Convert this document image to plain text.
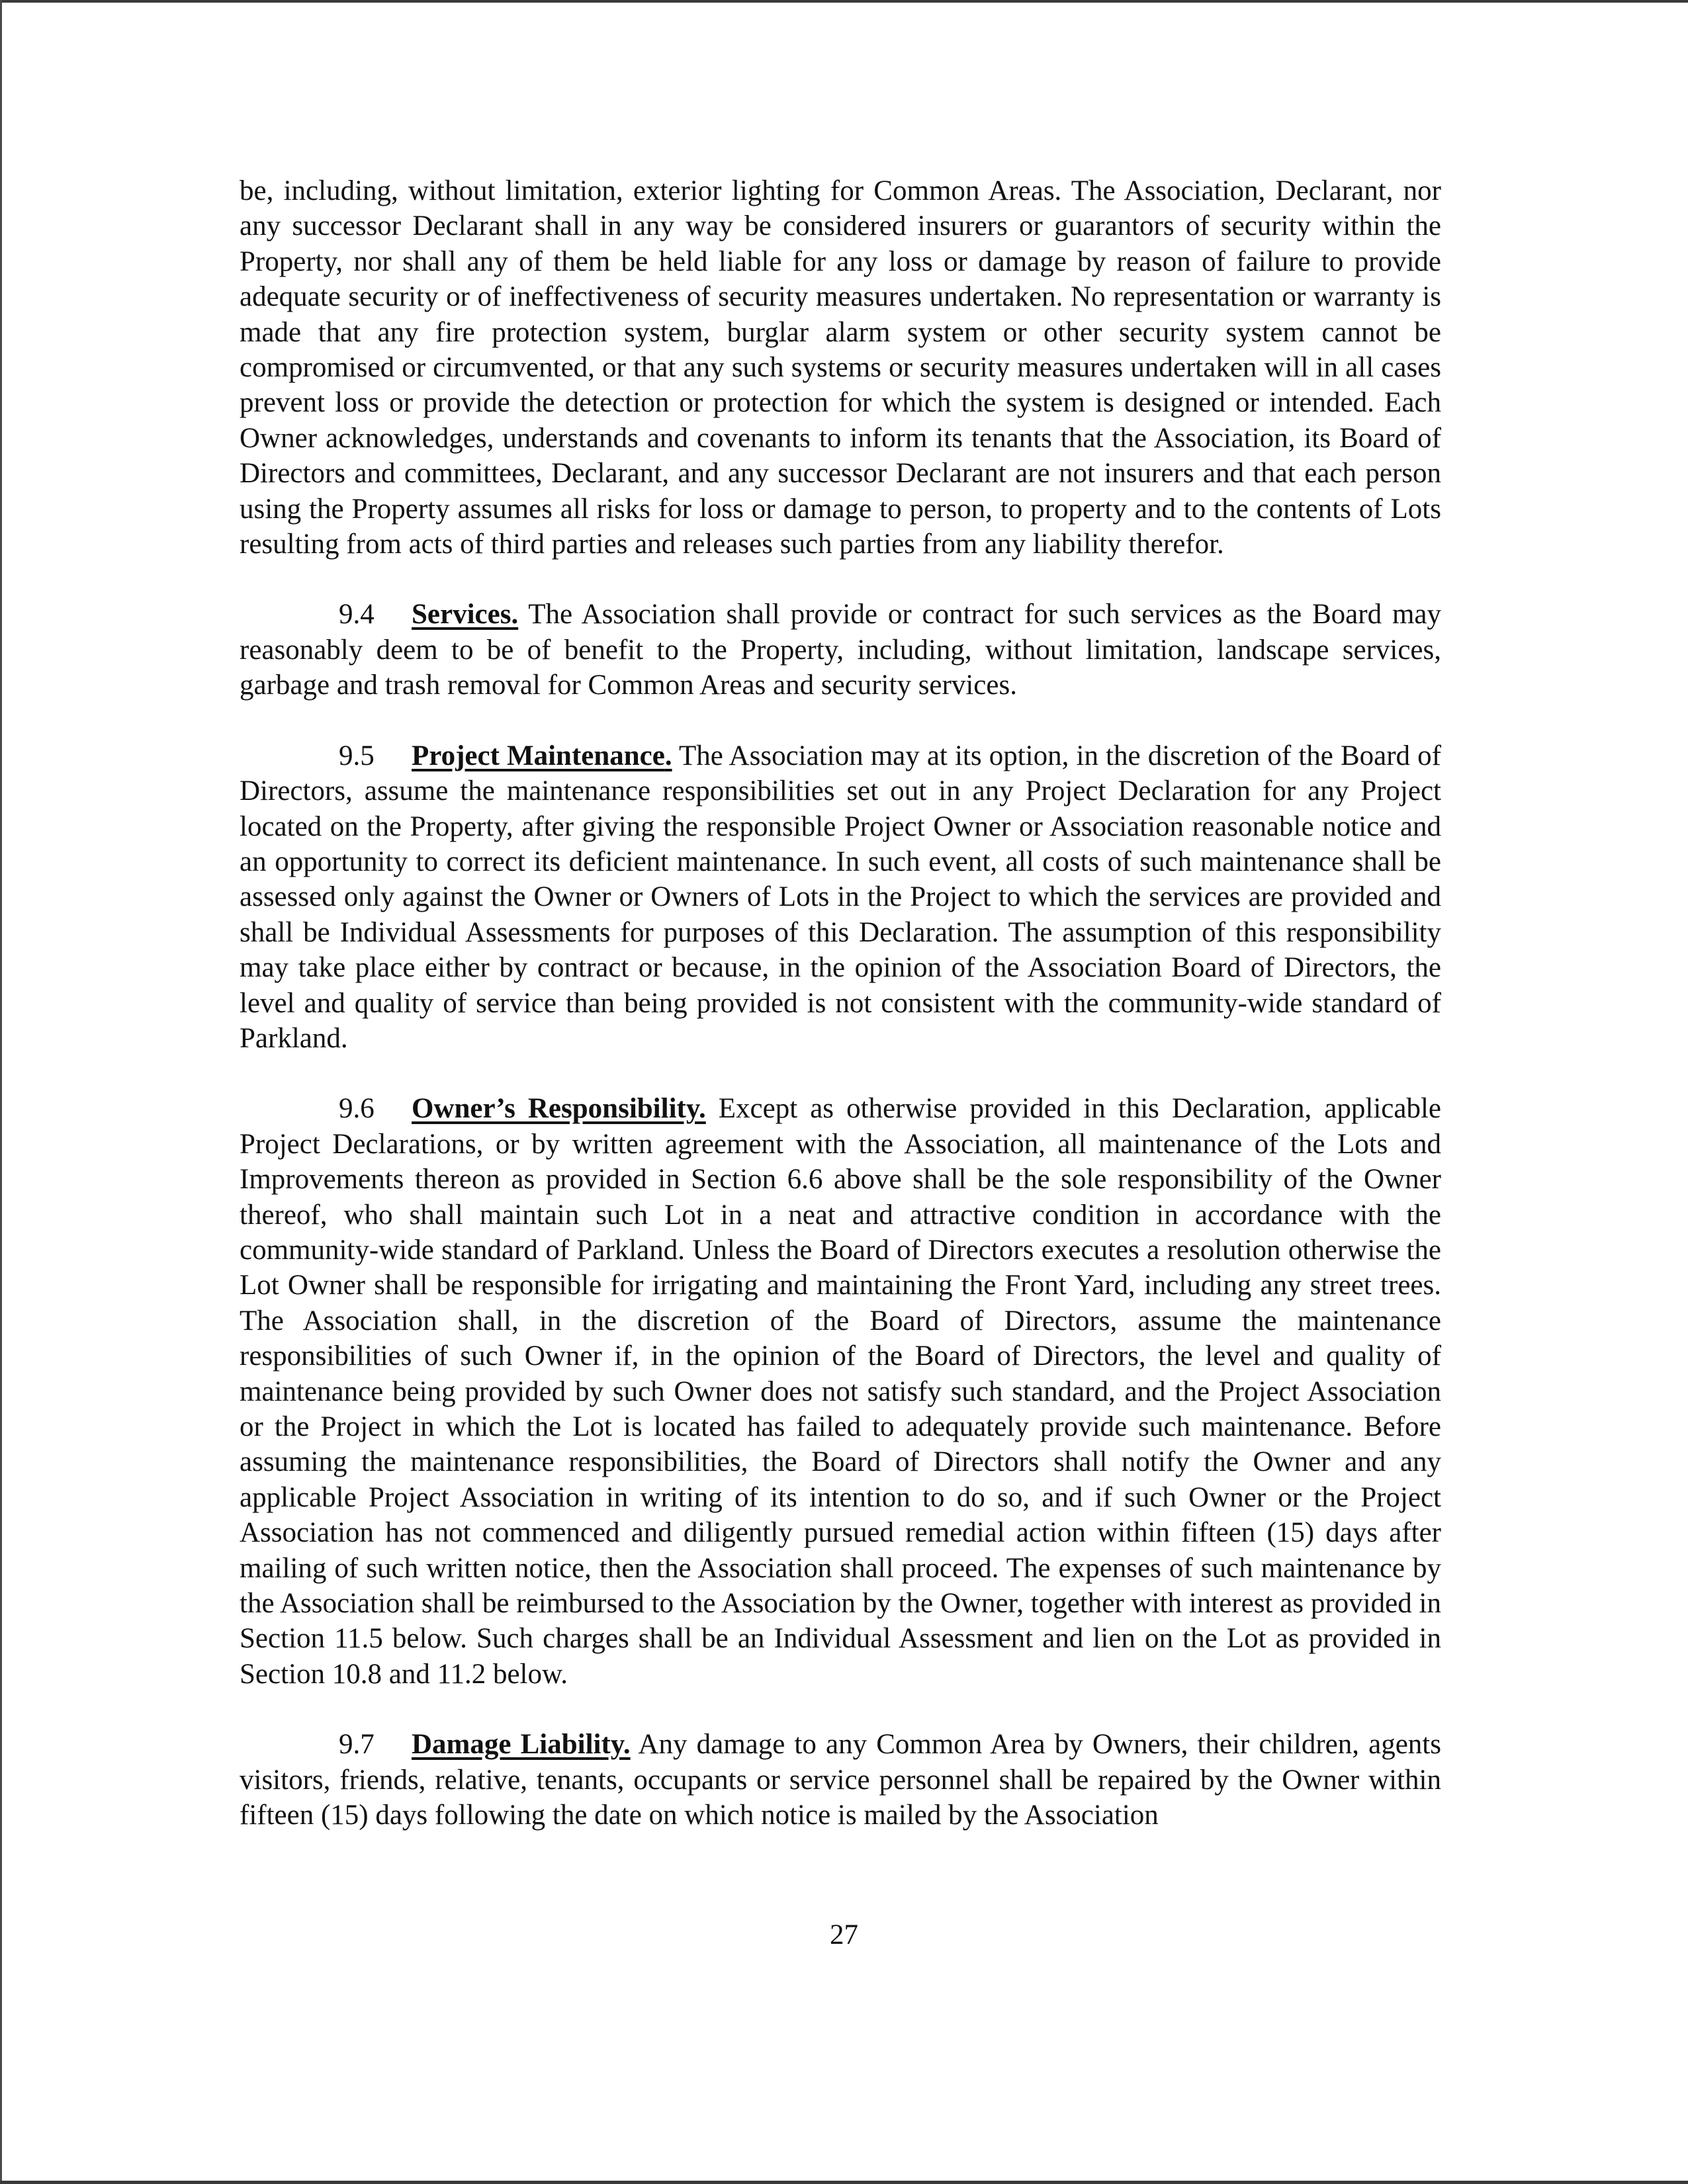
be, including, without limitation, exterior lighting for Common Areas. The Association, Declarant, nor any successor Declarant shall in any way be considered insurers or guarantors of security within the Property, nor shall any of them be held liable for any loss or damage by reason of failure to provide adequate security or of ineffectiveness of security measures undertaken. No representation or warranty is made that any fire protection system, burglar alarm system or other security system cannot be compromised or circumvented, or that any such systems or security measures undertaken will in all cases prevent loss or provide the detection or protection for which the system is designed or intended. Each Owner acknowledges, understands and covenants to inform its tenants that the Association, its Board of Directors and committees, Declarant, and any successor Declarant are not insurers and that each person using the Property assumes all risks for loss or damage to person, to property and to the contents of Lots resulting from acts of third parties and releases such parties from any liability therefor.

9.4 Services. The Association shall provide or contract for such services as the Board may reasonably deem to be of benefit to the Property, including, without limitation, landscape services, garbage and trash removal for Common Areas and security services.

9.5 Project Maintenance. The Association may at its option, in the discretion of the Board of Directors, assume the maintenance responsibilities set out in any Project Declaration for any Project located on the Property, after giving the responsible Project Owner or Association reasonable notice and an opportunity to correct its deficient maintenance. In such event, all costs of such maintenance shall be assessed only against the Owner or Owners of Lots in the Project to which the services are provided and shall be Individual Assessments for purposes of this Declaration. The assumption of this responsibility may take place either by contract or because, in the opinion of the Association Board of Directors, the level and quality of service than being provided is not consistent with the community-wide standard of Parkland.

9.6 Owner’s Responsibility. Except as otherwise provided in this Declaration, applicable Project Declarations, or by written agreement with the Association, all maintenance of the Lots and Improvements thereon as provided in Section 6.6 above shall be the sole responsibility of the Owner thereof, who shall maintain such Lot in a neat and attractive condition in accordance with the community-wide standard of Parkland. Unless the Board of Directors executes a resolution otherwise the Lot Owner shall be responsible for irrigating and maintaining the Front Yard, including any street trees. The Association shall, in the discretion of the Board of Directors, assume the maintenance responsibilities of such Owner if, in the opinion of the Board of Directors, the level and quality of maintenance being provided by such Owner does not satisfy such standard, and the Project Association or the Project in which the Lot is located has failed to adequately provide such maintenance. Before assuming the maintenance responsibilities, the Board of Directors shall notify the Owner and any applicable Project Association in writing of its intention to do so, and if such Owner or the Project Association has not commenced and diligently pursued remedial action within fifteen (15) days after mailing of such written notice, then the Association shall proceed. The expenses of such maintenance by the Association shall be reimbursed to the Association by the Owner, together with interest as provided in Section 11.5 below. Such charges shall be an Individual Assessment and lien on the Lot as provided in Section 10.8 and 11.2 below.

9.7 Damage Liability. Any damage to any Common Area by Owners, their children, agents visitors, friends, relative, tenants, occupants or service personnel shall be repaired by the Owner within fifteen (15) days following the date on which notice is mailed by the Association

27
